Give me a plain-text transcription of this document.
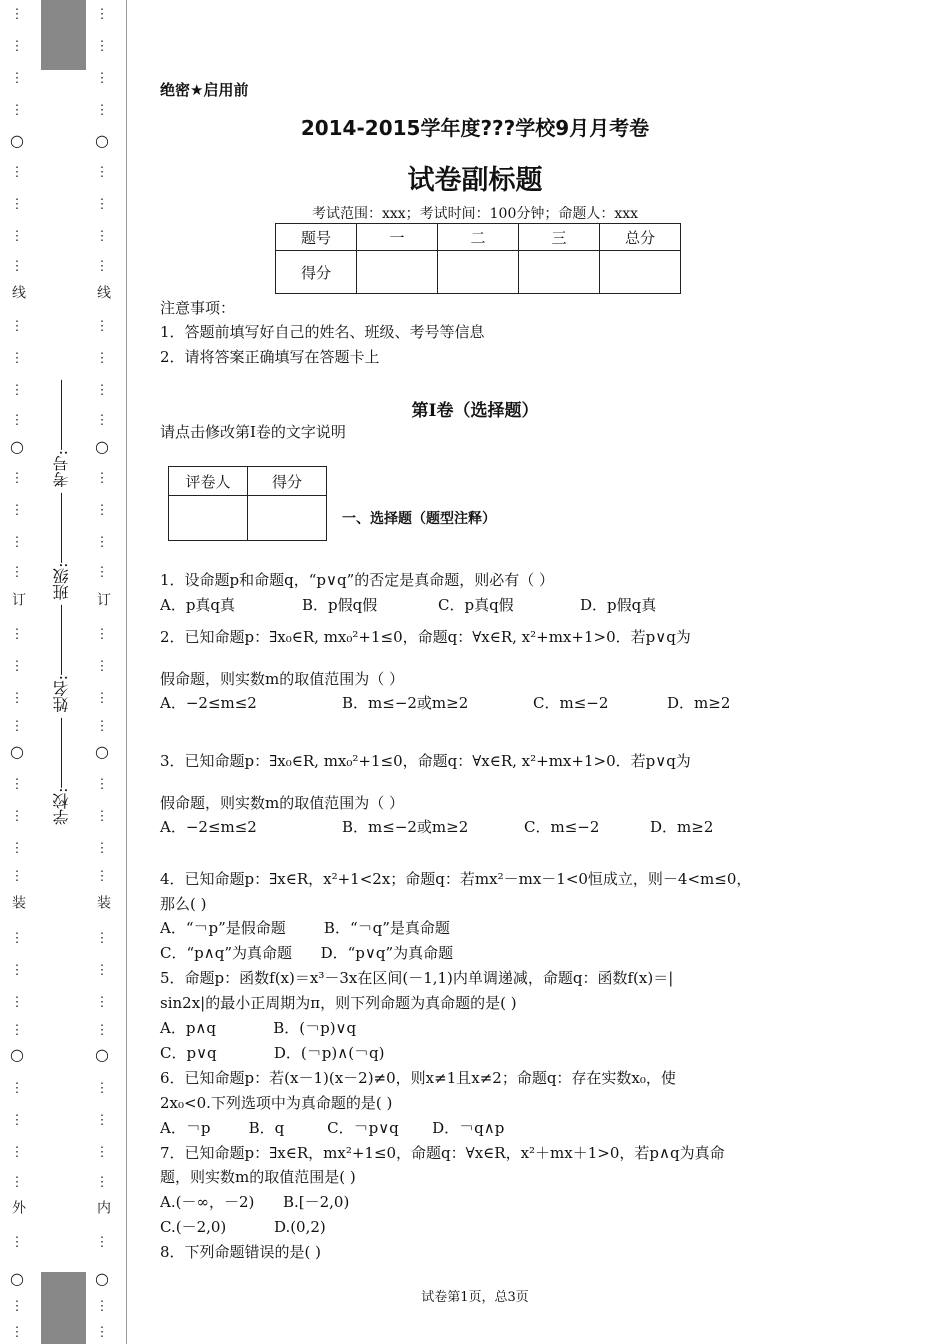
⋮
⋮
⋮
⋮
○
⋮
⋮
⋮
⋮
线
⋮
⋮
⋮
⋮
○
⋮
⋮
⋮
⋮
订
⋮
⋮
⋮
⋮
○
⋮
⋮
⋮
⋮
装
⋮
⋮
⋮
⋮
○
⋮
⋮
⋮
⋮
外
⋮
○
⋮
⋮
学校: 姓名: 班级: 考号:
⋮
⋮
⋮
⋮
○
⋮
⋮
⋮
⋮
线
⋮
⋮
⋮
⋮
○
⋮
⋮
⋮
⋮
订
⋮
⋮
⋮
⋮
○
⋮
⋮
⋮
⋮
装
⋮
⋮
⋮
⋮
○
⋮
⋮
⋮
⋮
内
⋮
○
⋮
⋮
绝密★启用前
2014-2015学年度???学校9月月考卷
试卷副标题
考试范围：xxx；考试时间：100分钟；命题人：xxx
题号	一	二	三	总分
得分				
注意事项：
1．答题前填写好自己的姓名、班级、考号等信息
2．请将答案正确填写在答题卡上
第I卷（选择题）
请点击修改第I卷的文字说明
评卷人	得分

一、选择题（题型注释）
1．设命题p和命题q，“p∨q”的否定是真命题，则必有（ ）
A．p真q真	B．p假q假	C．p真q假	D．p假q真
2．已知命题p：∃x₀∈R, mx₀²+1≤0，命题q：∀x∈R, x²+mx+1>0．若p∨q为
假命题，则实数m的取值范围为（ ）
A．−2≤m≤2	B．m≤−2或m≥2	C．m≤−2	D．m≥2
3．已知命题p：∃x₀∈R, mx₀²+1≤0，命题q：∀x∈R, x²+mx+1>0．若p∨q为
假命题，则实数m的取值范围为（ ）
A．−2≤m≤2	B．m≤−2或m≥2	C．m≤−2	D．m≥2
4．已知命题p：∃x∈R，x²+1<2x；命题q：若mx²－mx－1<0恒成立，则－4<m≤0，
那么( )
A．“￢p”是假命题        B．“￢q”是真命题
C．“p∧q”为真命题      D．“p∨q”为真命题
5．命题p：函数f(x)＝x³－3x在区间(－1,1)内单调递减，命题q：函数f(x)＝|
sin2x|的最小正周期为π，则下列命题为真命题的是( )
A．p∧q            B．(￢p)∨q
C．p∨q            D．(￢p)∧(￢q)
6．已知命题p：若(x－1)(x－2)≠0，则x≠1且x≠2；命题q：存在实数x₀，使
2x₀<0.下列选项中为真命题的是( )
A．￢p        B．q         C．￢p∨q       D．￢q∧p
7．已知命题p：∃x∈R，mx²+1≤0，命题q：∀x∈R，x²＋mx＋1>0，若p∧q为真命
题，则实数m的取值范围是( )
A.(－∞，－2)      B.[－2,0)
C.(－2,0)          D.(0,2)
8．下列命题错误的是( )
试卷第1页，总3页
